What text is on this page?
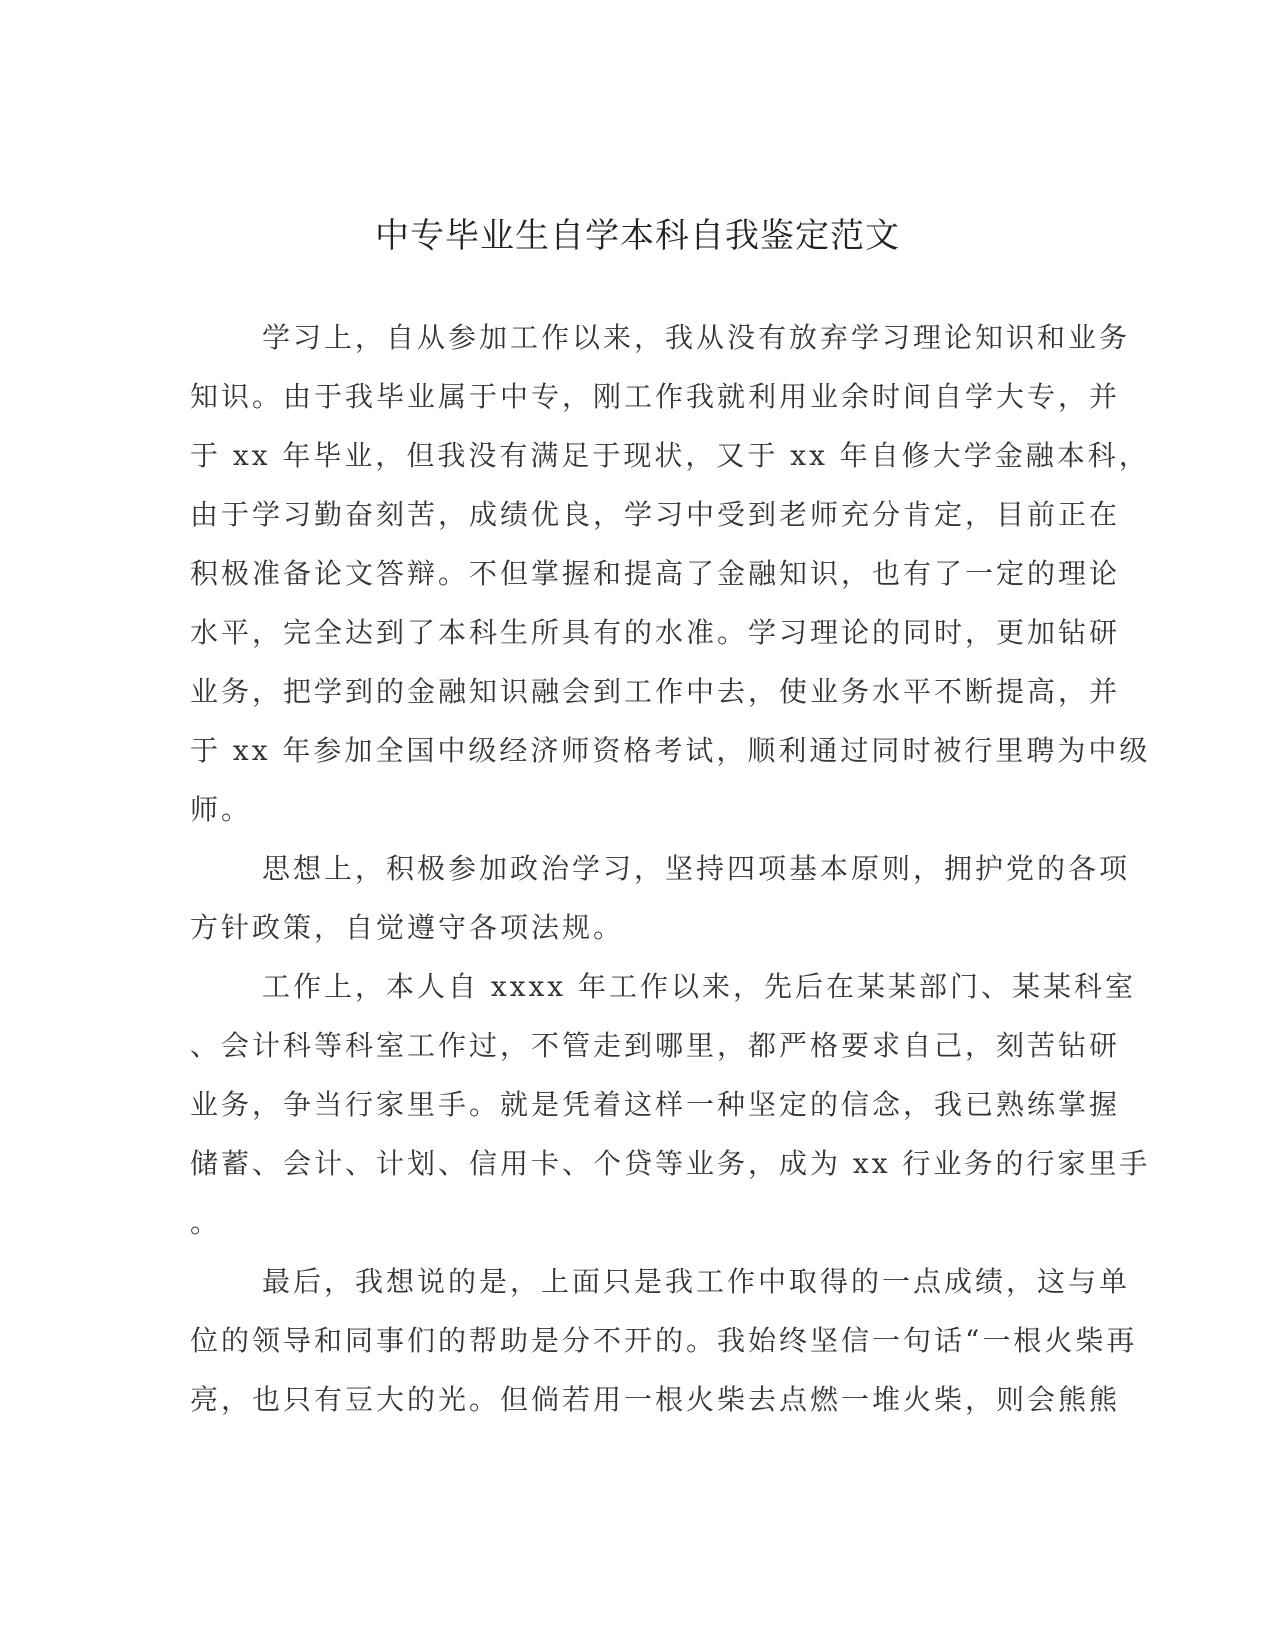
中专毕业生自学本科自我鉴定范文

学习上，自从参加工作以来，我从没有放弃学习理论知识和业务

知识。由于我毕业属于中专，刚工作我就利用业余时间自学大专，并

于 xx 年毕业，但我没有满足于现状，又于 xx 年自修大学金融本科，

由于学习勤奋刻苦，成绩优良，学习中受到老师充分肯定，目前正在

积极准备论文答辩。不但掌握和提高了金融知识，也有了一定的理论

水平，完全达到了本科生所具有的水准。学习理论的同时，更加钻研

业务，把学到的金融知识融会到工作中去，使业务水平不断提高，并

于 xx 年参加全国中级经济师资格考试，顺利通过同时被行里聘为中级

师。

思想上，积极参加政治学习，坚持四项基本原则，拥护党的各项

方针政策，自觉遵守各项法规。

工作上，本人自 xxxx 年工作以来，先后在某某部门、某某科室

、会计科等科室工作过，不管走到哪里，都严格要求自己，刻苦钻研

业务，争当行家里手。就是凭着这样一种坚定的信念，我已熟练掌握

储蓄、会计、计划、信用卡、个贷等业务，成为 xx 行业务的行家里手

。

最后，我想说的是，上面只是我工作中取得的一点成绩，这与单

位的领导和同事们的帮助是分不开的。我始终坚信一句话“一根火柴再

亮，也只有豆大的光。但倘若用一根火柴去点燃一堆火柴，则会熊熊
